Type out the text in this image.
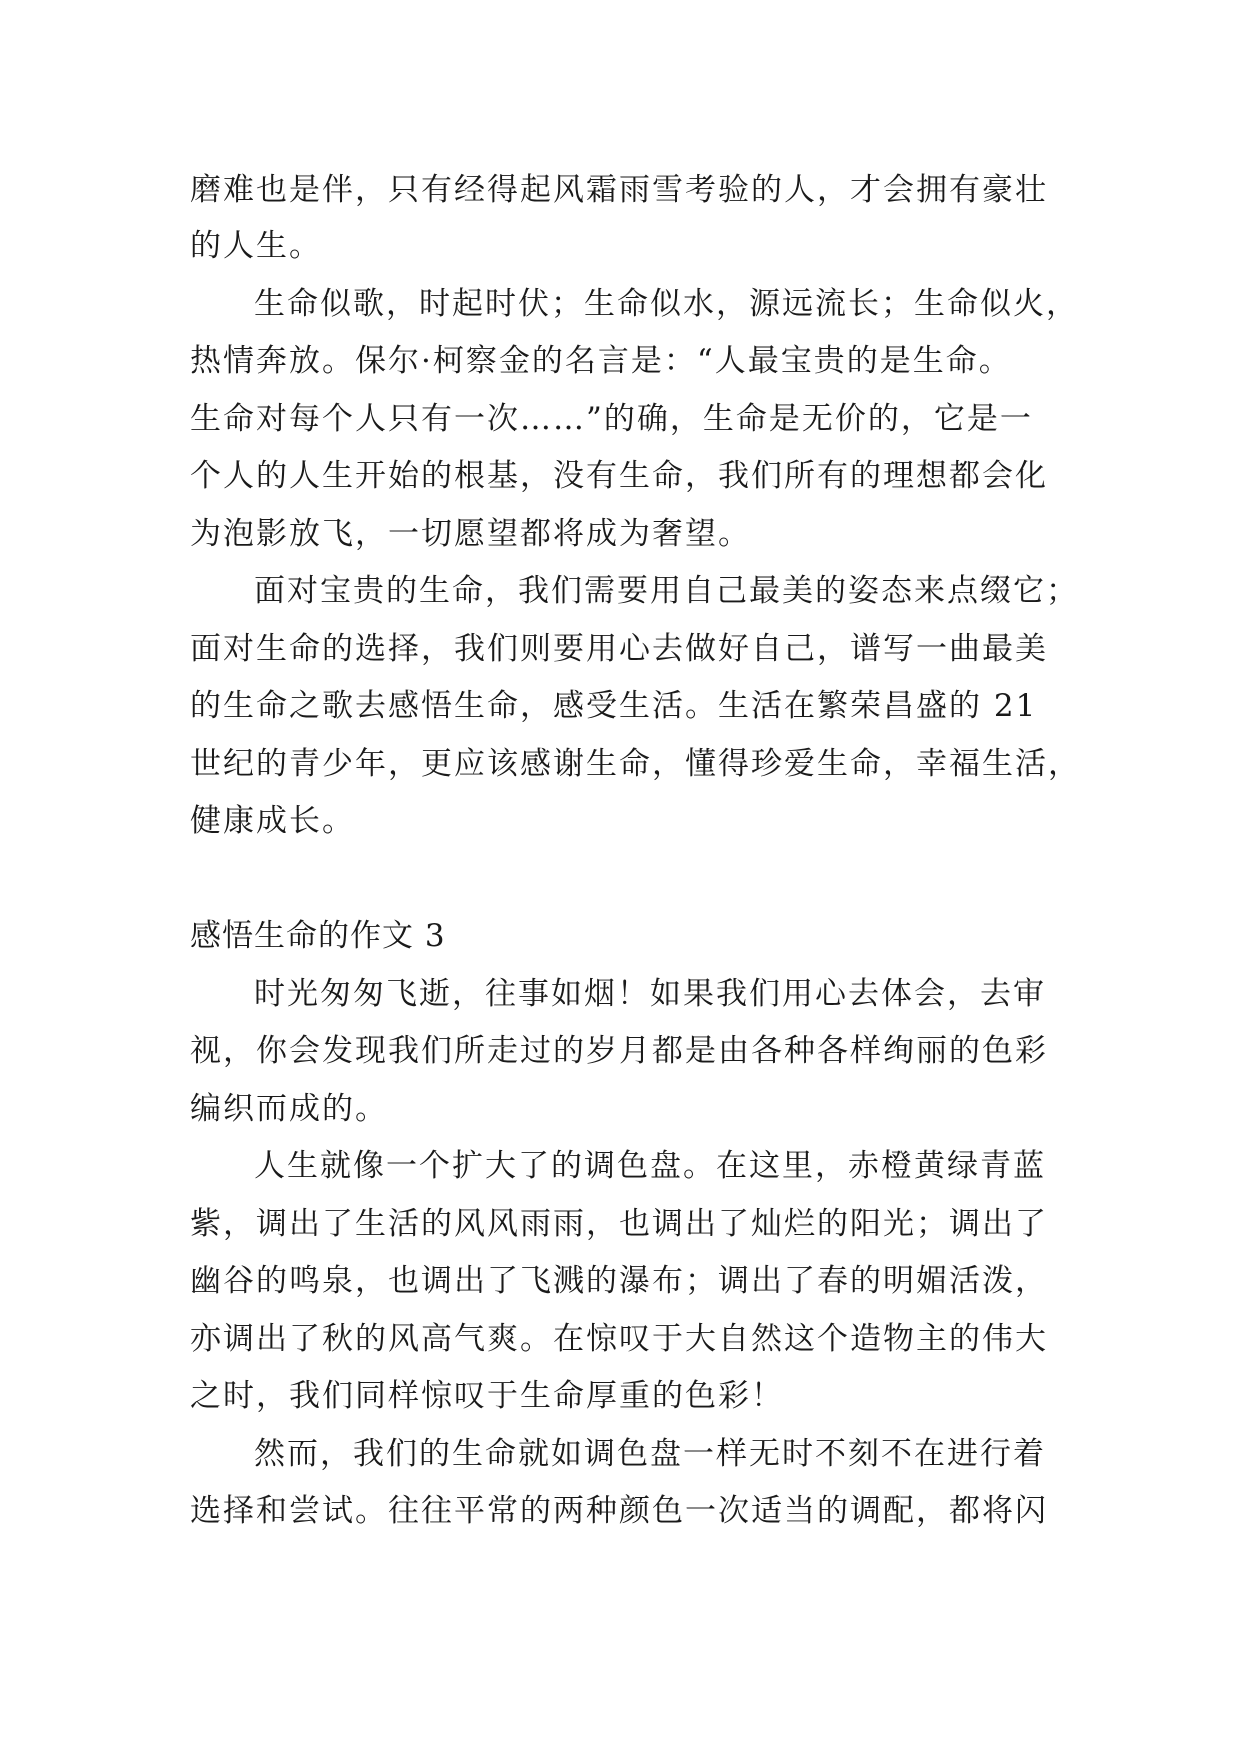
磨难也是伴，只有经得起风霜雨雪考验的人，才会拥有豪壮
的人生。
生命似歌，时起时伏；生命似水，源远流长；生命似火，
热情奔放。保尔·柯察金的名言是：“人最宝贵的是生命。
生命对每个人只有一次……”的确，生命是无价的，它是一
个人的人生开始的根基，没有生命，我们所有的理想都会化
为泡影放飞，一切愿望都将成为奢望。
面对宝贵的生命，我们需要用自己最美的姿态来点缀它；
面对生命的选择，我们则要用心去做好自己，谱写一曲最美
的生命之歌去感悟生命，感受生活。生活在繁荣昌盛的 21
世纪的青少年，更应该感谢生命，懂得珍爱生命，幸福生活，
健康成长。
感悟生命的作文 3
时光匆匆飞逝，往事如烟！如果我们用心去体会，去审
视，你会发现我们所走过的岁月都是由各种各样绚丽的色彩
编织而成的。
人生就像一个扩大了的调色盘。在这里，赤橙黄绿青蓝
紫，调出了生活的风风雨雨，也调出了灿烂的阳光；调出了
幽谷的鸣泉，也调出了飞溅的瀑布；调出了春的明媚活泼，
亦调出了秋的风高气爽。在惊叹于大自然这个造物主的伟大
之时，我们同样惊叹于生命厚重的色彩！
然而，我们的生命就如调色盘一样无时不刻不在进行着
选择和尝试。往往平常的两种颜色一次适当的调配，都将闪
